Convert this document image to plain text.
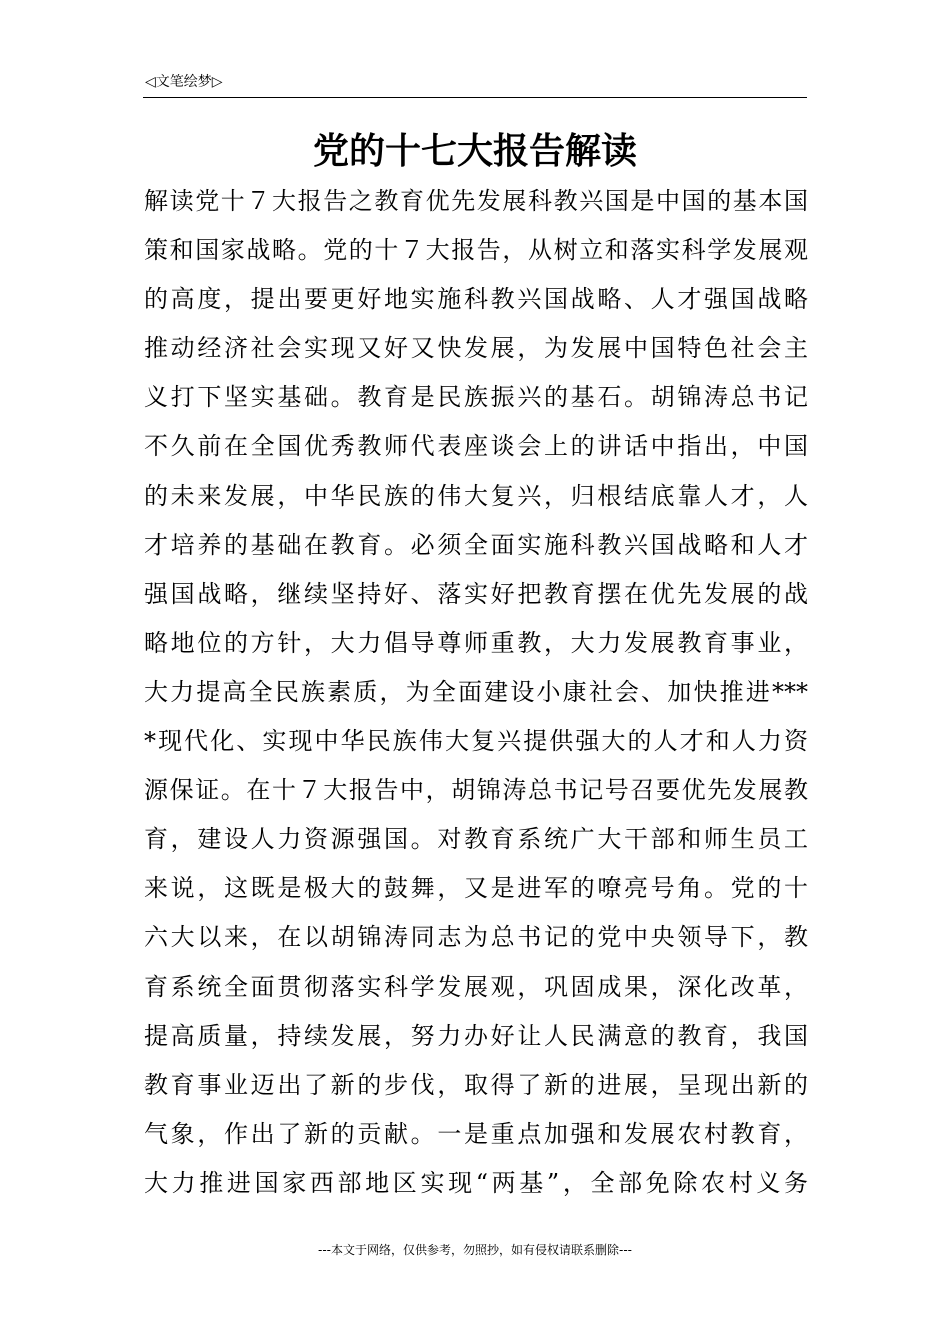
◁文笔绘梦▷
党的十七大报告解读
解读党十７大报告之教育优先发展科教兴国是中国的基本国
策和国家战略。党的十７大报告，从树立和落实科学发展观
的高度，提出要更好地实施科教兴国战略、人才强国战略
推动经济社会实现又好又快发展，为发展中国特色社会主
义打下坚实基础。教育是民族振兴的基石。胡锦涛总书记
不久前在全国优秀教师代表座谈会上的讲话中指出，中国
的未来发展，中华民族的伟大复兴，归根结底靠人才，人
才培养的基础在教育。必须全面实施科教兴国战略和人才
强国战略，继续坚持好、落实好把教育摆在优先发展的战
略地位的方针，大力倡导尊师重教，大力发展教育事业，
大力提高全民族素质，为全面建设小康社会、加快推进***
*现代化、实现中华民族伟大复兴提供强大的人才和人力资
源保证。在十７大报告中，胡锦涛总书记号召要优先发展教
育，建设人力资源强国。对教育系统广大干部和师生员工
来说，这既是极大的鼓舞，又是进军的嘹亮号角。党的十
六大以来，在以胡锦涛同志为总书记的党中央领导下，教
育系统全面贯彻落实科学发展观，巩固成果，深化改革，
提高质量，持续发展，努力办好让人民满意的教育，我国
教育事业迈出了新的步伐，取得了新的进展，呈现出新的
气象，作出了新的贡献。一是重点加强和发展农村教育，
大力推进国家西部地区实现“两基”，全部免除农村义务
---本文于网络，仅供参考，勿照抄，如有侵权请联系删除---
